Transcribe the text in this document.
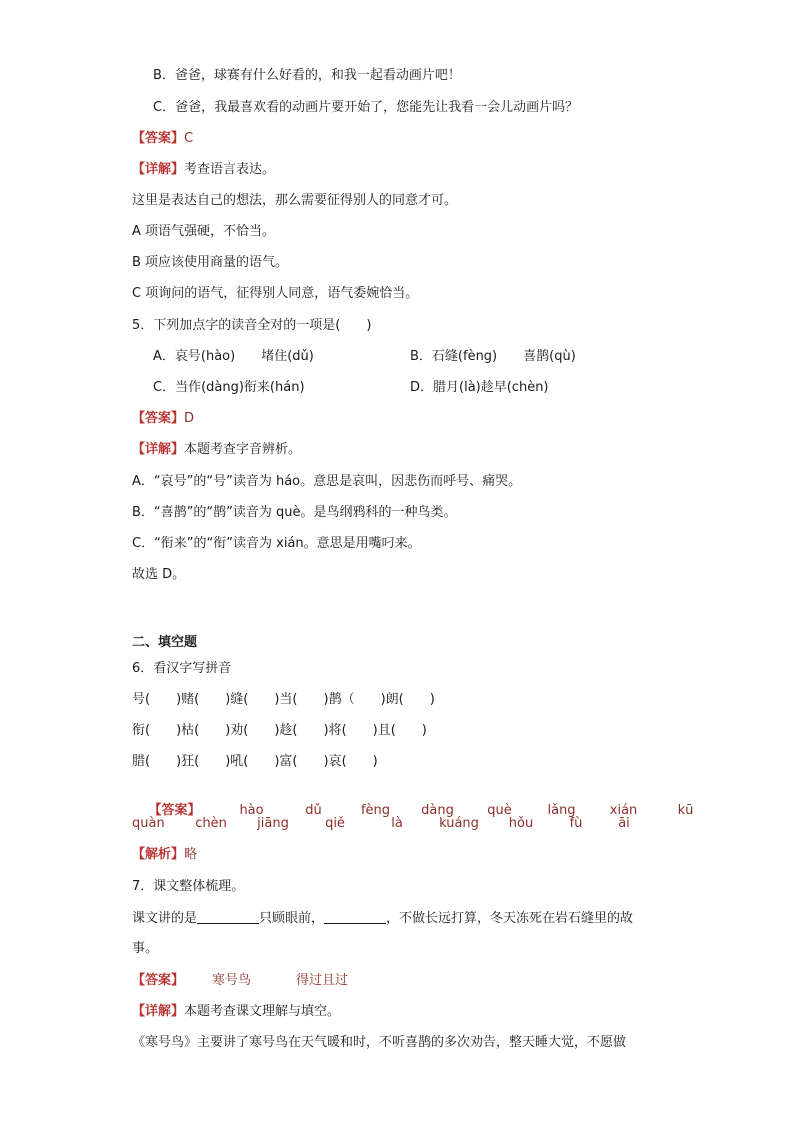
B．爸爸，球赛有什么好看的，和我一起看动画片吧！
C．爸爸，我最喜欢看的动画片要开始了，您能先让我看一会儿动画片吗？
【答案】C
【详解】考查语言表达。
这里是表达自己的想法，那么需要征得别人的同意才可。
A 项语气强硬，不恰当。
B 项应该使用商量的语气。
C 项询问的语气，征得别人同意，语气委婉恰当。
5．下列加点字的读音全对的一项是(　　)
A．哀号(hào)　　堵住(dǔ)	B．石缝(fèng)　　喜鹊(qù)
C．当作(dàng)衔来(hán)	D．腊月(là)趁早(chèn)
【答案】D
【详解】本题考查字音辨析。
A．“哀号”的“号”读音为 háo。意思是哀叫，因悲伤而呼号、痛哭。
B．“喜鹊”的“鹊”读音为 què。是鸟纲鸦科的一种鸟类。
C．“衔来”的“衔”读音为 xián。意思是用嘴叼来。
故选 D。
二、填空题
6．看汉字写拼音
号(　　)赌(　　)缝(　　)当(　　)鹊（　　)朗(　　)
衔(　　)枯(　　)劝(　　)趁(　　)将(　　)且(　　)
腊(　　)狂(　　)吼(　　)富(　　)哀(　　)

【答案】	hào	dǔ	fèng dàng	què	lǎng	xián	kū

quàn chèn jiāng	qiě	là	kuáng hǒu	fù	āi
【解析】略
7．课文整体梳理。
课文讲的是	只顾眼前，	，不做长远打算，冬天冻死在岩石缝里的故
事。
【答案】 寒号鸟	得过且过
【详解】本题考查课文理解与填空。
《寒号鸟》主要讲了寒号鸟在天气暖和时，不听喜鹊的多次劝告，整天睡大觉，不愿做
